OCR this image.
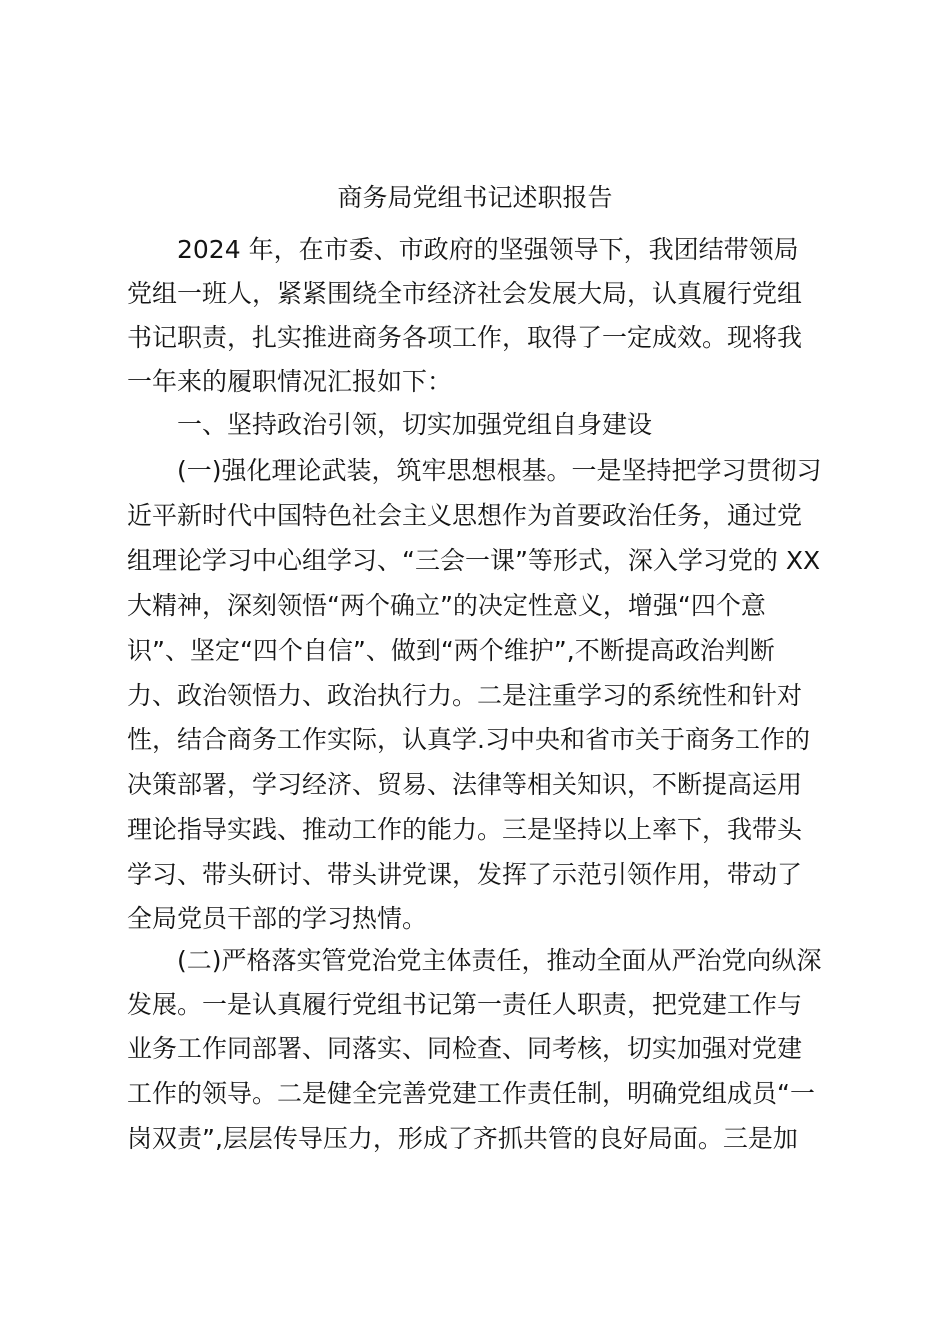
商务局党组书记述职报告
2024 年，在市委、市政府的坚强领导下，我团结带领局
党组一班人，紧紧围绕全市经济社会发展大局，认真履行党组
书记职责，扎实推进商务各项工作，取得了一定成效。现将我
一年来的履职情况汇报如下：
一、坚持政治引领，切实加强党组自身建设
(一)强化理论武装，筑牢思想根基。一是坚持把学习贯彻习
近平新时代中国特色社会主义思想作为首要政治任务，通过党
组理论学习中心组学习、“三会一课”等形式，深入学习党的 XX
大精神，深刻领悟“两个确立”的决定性意义，增强“四个意
识”、坚定“四个自信”、做到“两个维护”,不断提高政治判断
力、政治领悟力、政治执行力。二是注重学习的系统性和针对
性，结合商务工作实际，认真学.习中央和省市关于商务工作的
决策部署，学习经济、贸易、法律等相关知识，不断提高运用
理论指导实践、推动工作的能力。三是坚持以上率下，我带头
学习、带头研讨、带头讲党课，发挥了示范引领作用，带动了
全局党员干部的学习热情。
(二)严格落实管党治党主体责任，推动全面从严治党向纵深
发展。一是认真履行党组书记第一责任人职责，把党建工作与
业务工作同部署、同落实、同检查、同考核，切实加强对党建
工作的领导。二是健全完善党建工作责任制，明确党组成员“一
岗双责”,层层传导压力，形成了齐抓共管的良好局面。三是加
